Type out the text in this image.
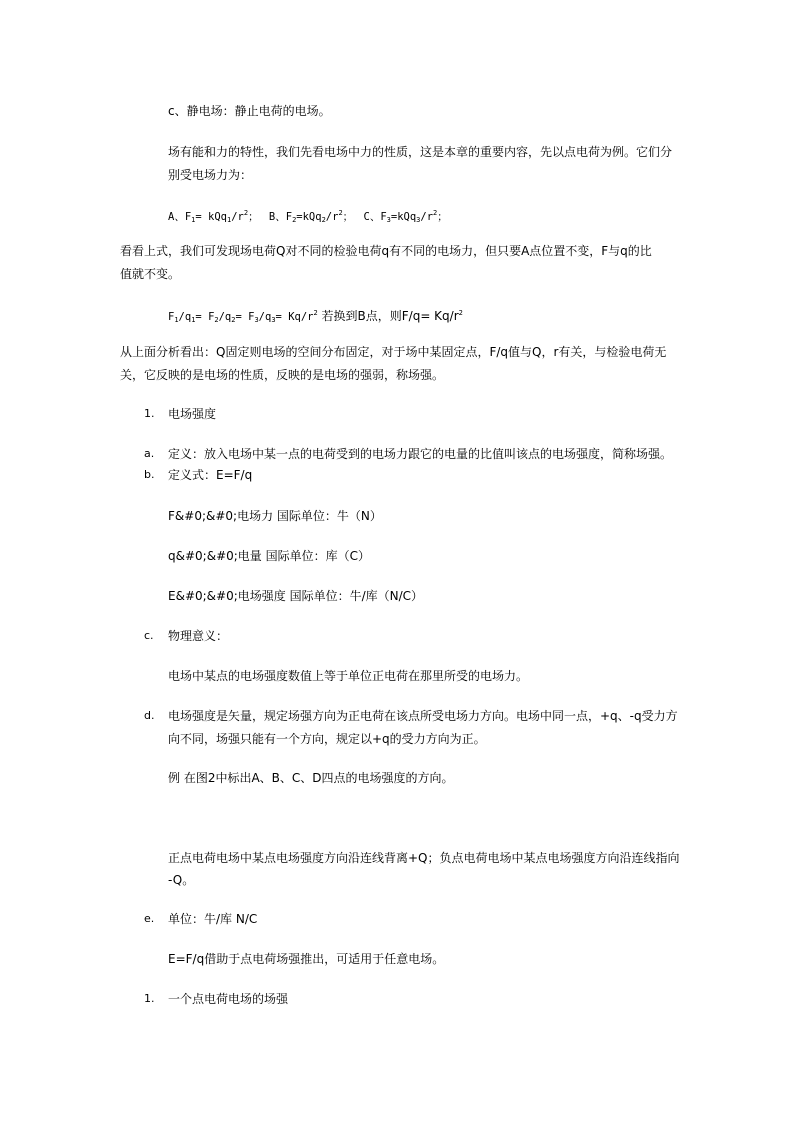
c、静电场：静止电荷的电场。
场有能和力的特性，我们先看电场中力的性质，这是本章的重要内容，先以点电荷为例。它们分
别受电场力为：
A、$F_1= kQq_1/r^2$； B、$F_2=kQq_2/r^2$； C、$F_3=kQq_3/r^2$；
看看上式，我们可发现场电荷Q对不同的检验电荷q有不同的电场力，但只要A点位置不变，F与q的比
值就不变。
$F_1/q_1= F_2/q_2= F_3/q_3= Kq/r^2$ 若换到B点，则$F/q= Kq/r^2$
从上面分析看出：Q固定则电场的空间分布固定，对于场中某固定点，F/q值与Q，r有关，与检验电荷无
关，它反映的是电场的性质，反映的是电场的强弱，称场强。
1. 电场强度
a. 定义：放入电场中某一点的电荷受到的电场力跟它的电量的比值叫该点的电场强度，简称场强。
b. 定义式：E=F/q
F&#0;&#0;电场力 国际单位：牛（N）
q&#0;&#0;电量 国际单位：库（C）
E&#0;&#0;电场强度 国际单位：牛/库（N/C）
c. 物理意义：
电场中某点的电场强度数值上等于单位正电荷在那里所受的电场力。
d. 电场强度是矢量，规定场强方向为正电荷在该点所受电场力方向。电场中同一点，+q、-q受力方
向不同，场强只能有一个方向，规定以+q的受力方向为正。
例 在图2中标出A、B、C、D四点的电场强度的方向。
正点电荷电场中某点电场强度方向沿连线背离+Q；负点电荷电场中某点电场强度方向沿连线指向
-Q。
e. 单位：牛/库 N/C
E=F/q借助于点电荷场强推出，可适用于任意电场。
1. 一个点电荷电场的场强
